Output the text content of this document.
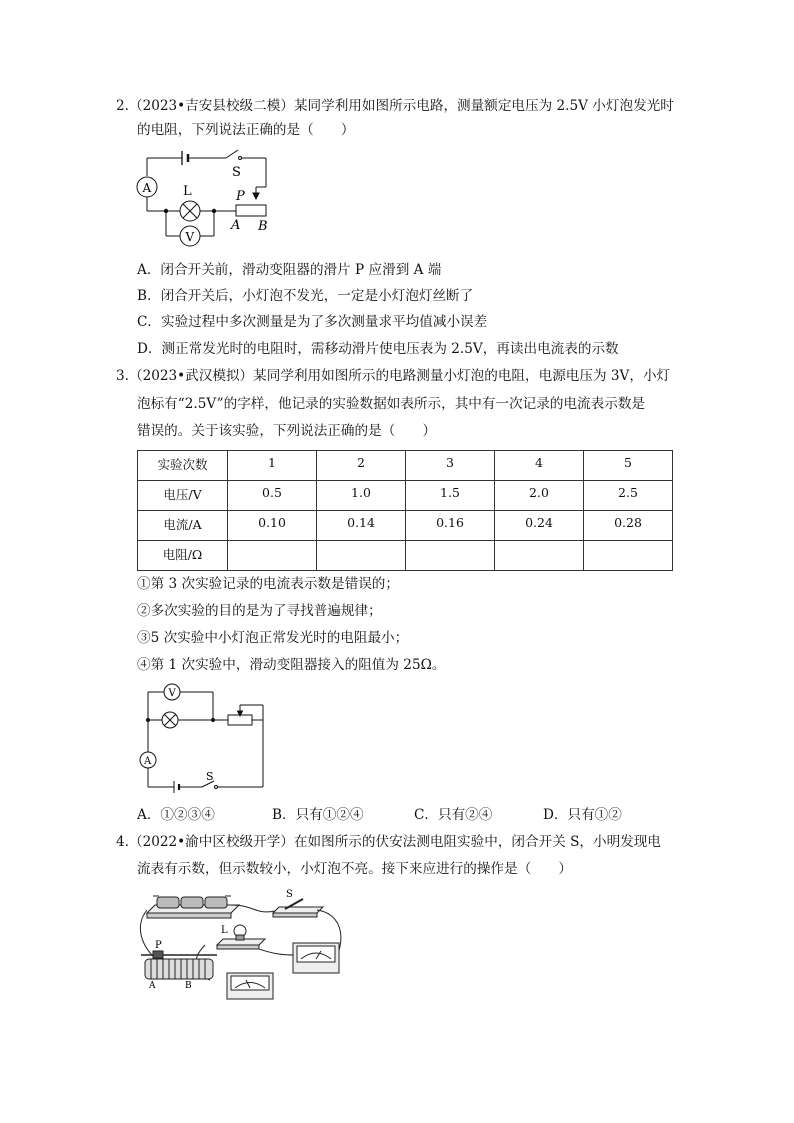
2.（2023•吉安县校级二模）某同学利用如图所示电路，测量额定电压为 2.5V 小灯泡发光时
的电阻，下列说法正确的是（　　）
A
S
L	P
A B
V
A．闭合开关前，滑动变阻器的滑片 P 应滑到 A 端
B．闭合开关后，小灯泡不发光，一定是小灯泡灯丝断了
C．实验过程中多次测量是为了多次测量求平均值减小误差
D．测正常发光时的电阻时，需移动滑片使电压表为 2.5V，再读出电流表的示数
3.（2023•武汉模拟）某同学利用如图所示的电路测量小灯泡的电阻，电源电压为 3V，小灯
泡标有“2.5V”的字样，他记录的实验数据如表所示，其中有一次记录的电流表示数是
错误的。关于该实验，下列说法正确的是（　　）
实验次数	1	2	3	4	5
电压/V	0.5	1.0	1.5	2.0	2.5
电流/A	0.10	0.14	0.16	0.24	0.28
电阻/Ω					
①第 3 次实验记录的电流表示数是错误的；
②多次实验的目的是为了寻找普遍规律；
③5 次实验中小灯泡正常发光时的电阻最小；
④第 1 次实验中，滑动变阻器接入的阻值为 25Ω。
V
A
S
A．①②③④	B．只有①②④	C．只有②④	D．只有①②
4.（2022•渝中区校级开学）在如图所示的伏安法测电阻实验中，闭合开关 S，小明发现电
流表有示数，但示数较小，小灯泡不亮。接下来应进行的操作是（　　）
S
L
P
A	B
